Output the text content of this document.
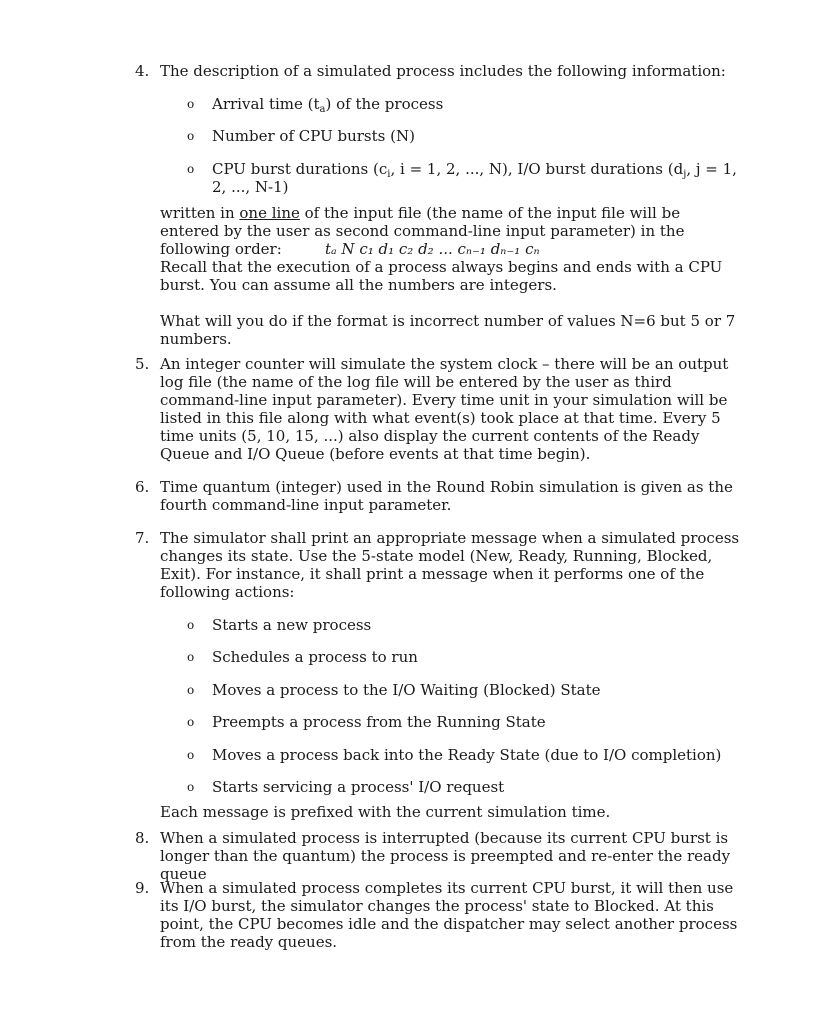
4. The description of a simulated process includes the following information:

o Arrival time $(t_a)$ of the process
o Number of CPU bursts (N)
o CPU burst durations ($c_i$, i = 1, 2, ..., N), I/O burst durations ($d_j$, j = 1, 2, ..., N-1)

written in one line of the input file (the name of the input file will be entered by the user as second command-line input parameter) in the following order:	tₐ N c₁ d₁ c₂ d₂ ... cₙ₋₁ dₙ₋₁ cₙ

Recall that the execution of a process always begins and ends with a CPU burst. You can assume all the numbers are integers.

What will you do if the format is incorrect number of values N=6 but 5 or 7 numbers.

5. An integer counter will simulate the system clock – there will be an output log file (the name of the log file will be entered by the user as third command-line input parameter). Every time unit in your simulation will be listed in this file along with what event(s) took place at that time. Every 5 time units (5, 10, 15, ...) also display the current contents of the Ready Queue and I/O Queue (before events at that time begin).

6. Time quantum (integer) used in the Round Robin simulation is given as the fourth command-line input parameter.

7. The simulator shall print an appropriate message when a simulated process changes its state. Use the 5-state model (New, Ready, Running, Blocked, Exit). For instance, it shall print a message when it performs one of the following actions:

o Starts a new process
o Schedules a process to run
o Moves a process to the I/O Waiting (Blocked) State
o Preempts a process from the Running State
o Moves a process back into the Ready State (due to I/O completion)
o Starts servicing a process' I/O request

Each message is prefixed with the current simulation time.

8. When a simulated process is interrupted (because its current CPU burst is longer than the quantum) the process is preempted and re-enter the ready queue

9. When a simulated process completes its current CPU burst, it will then use its I/O burst, the simulator changes the process' state to Blocked. At this point, the CPU becomes idle and the dispatcher may select another process from the ready queues.
